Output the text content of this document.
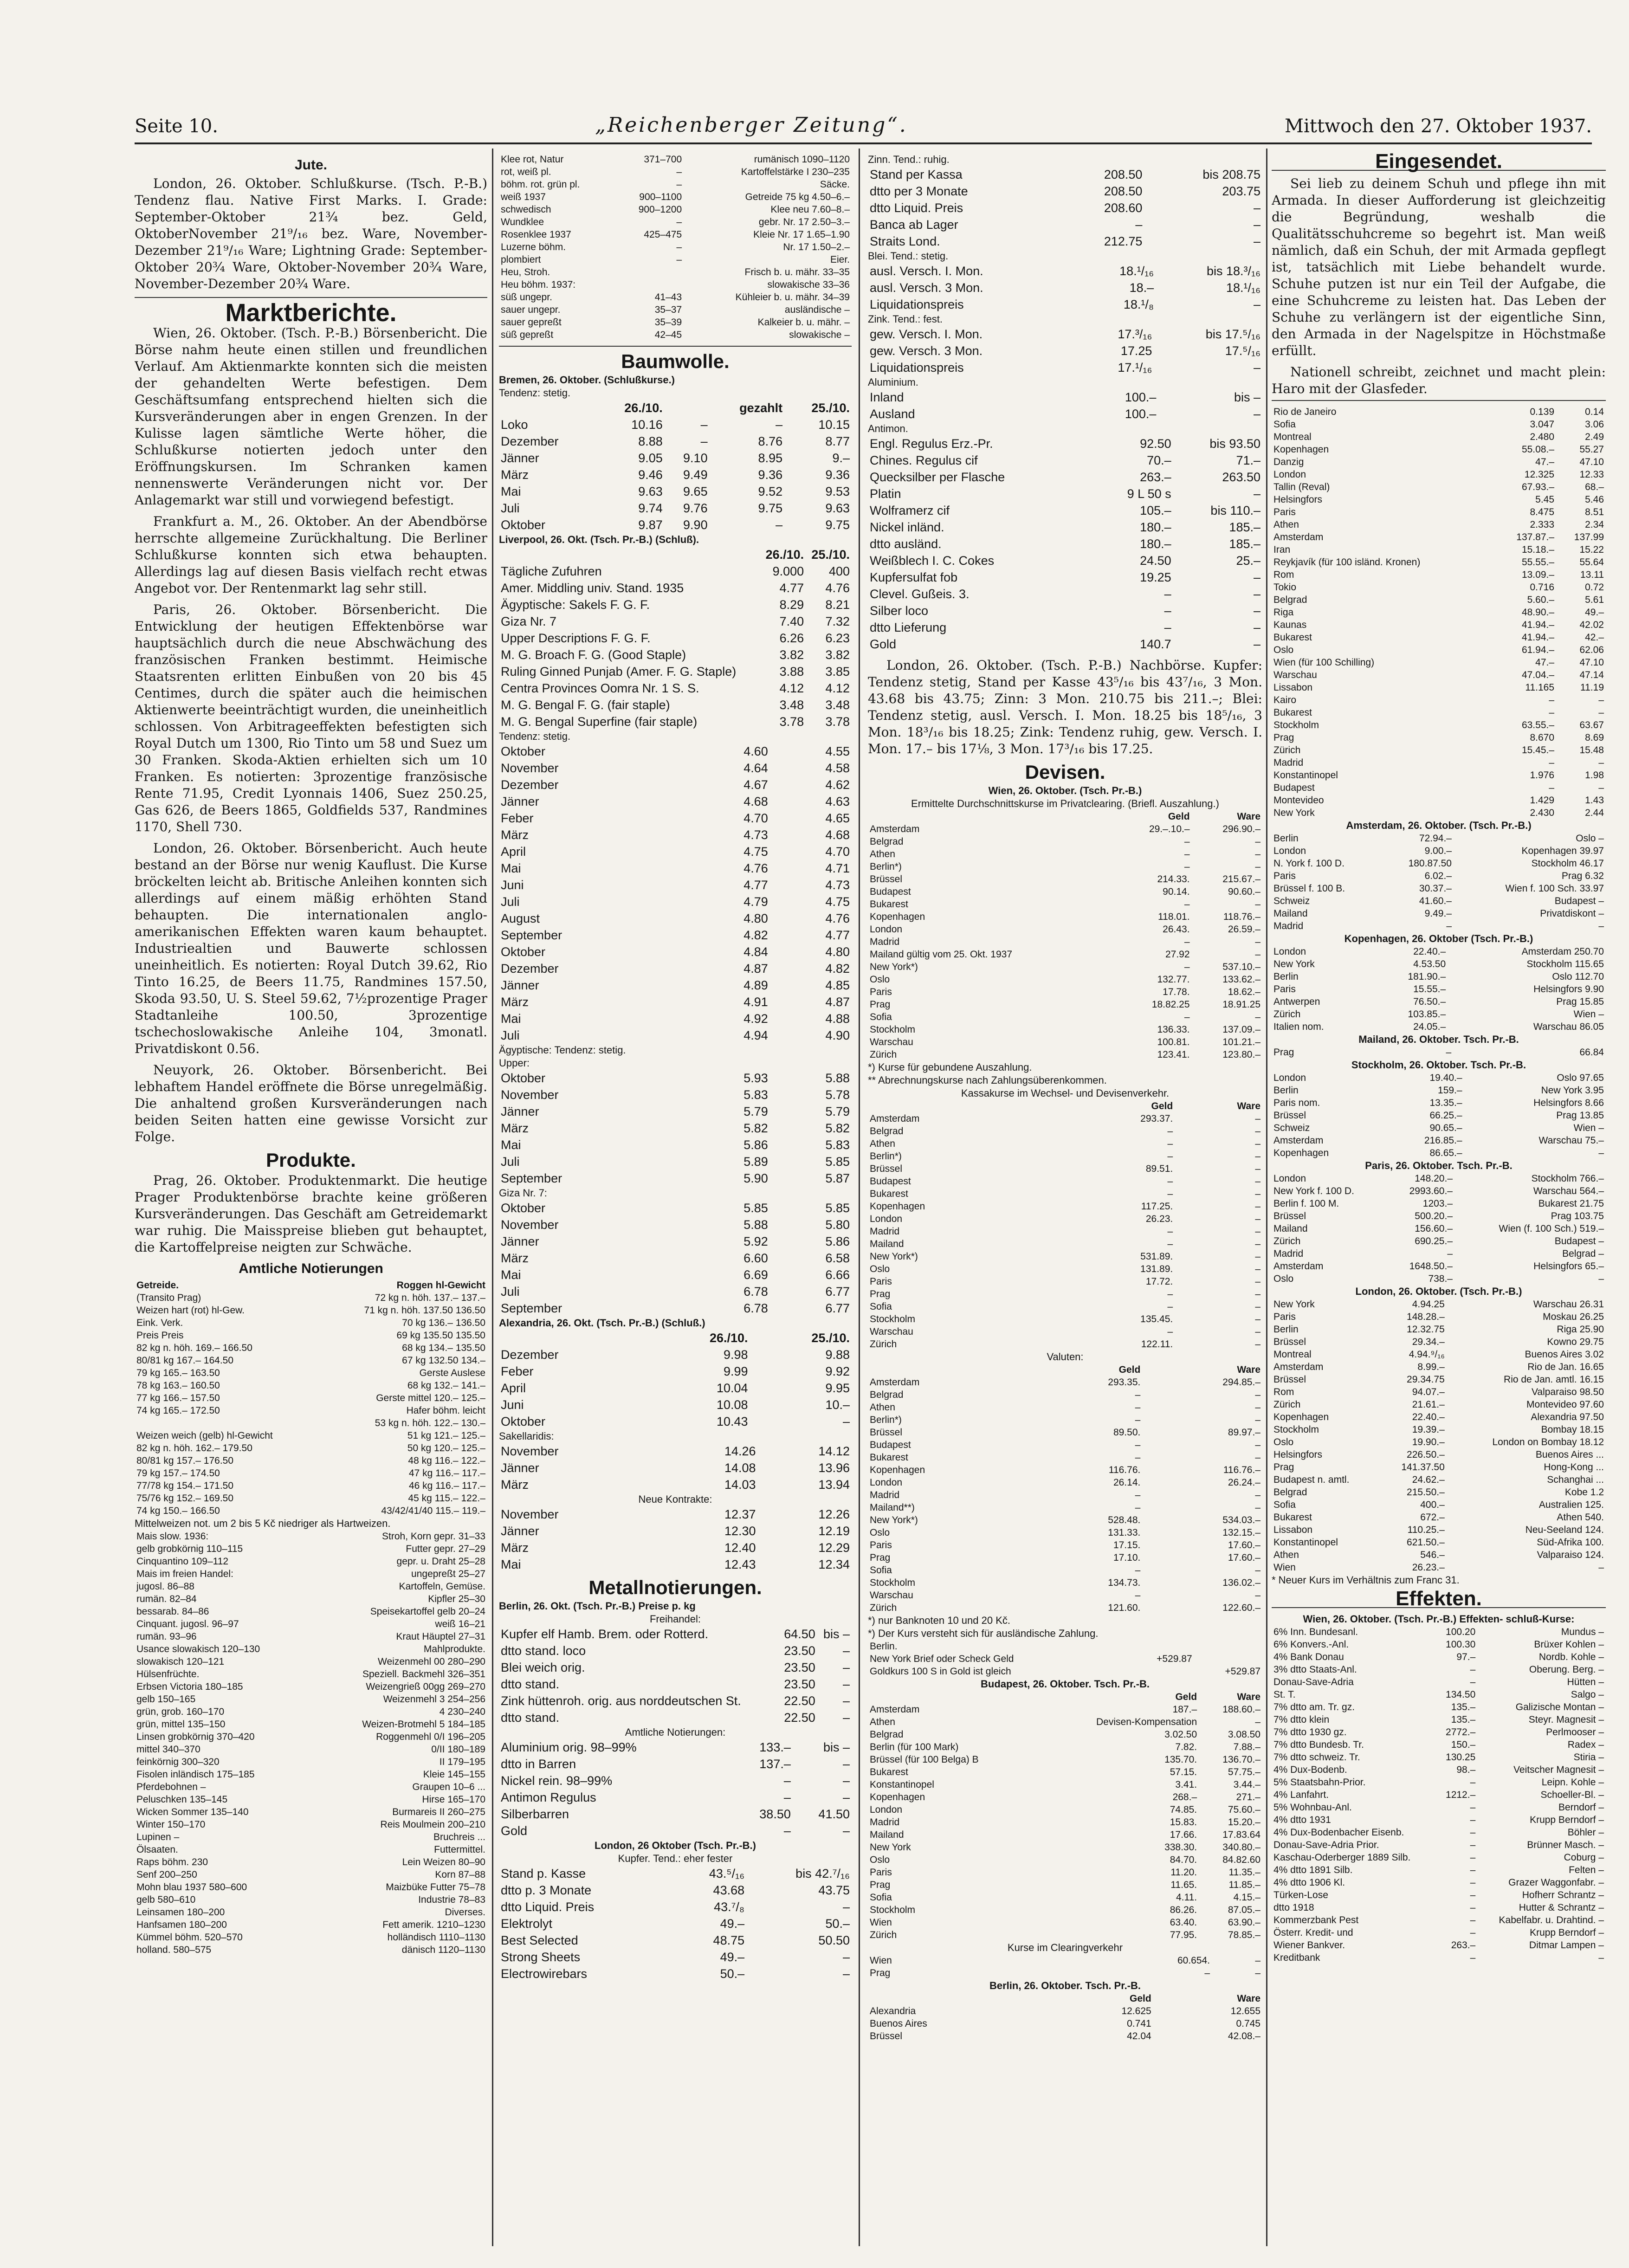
Seite 10.	„Reichenberger Zeitung“.	Mittwoch den 27. Oktober 1937.
Jute.

London, 26. Oktober. Schlußkurse. (Tsch. P.-B.) Tendenz flau. Native First Marks. I. Grade: September-Oktober 21¾ bez. Geld, OktoberNovember 21⁹/₁₆ bez. Ware, November-Dezember 21⁹/₁₆ Ware; Lightning Grade: September-Oktober 20¾ Ware, Oktober-November 20¾ Ware, November-Dezember 20¾ Ware.

Marktberichte.

Wien, 26. Oktober. (Tsch. P.-B.) Börsenbericht. Die Börse nahm heute einen stillen und freundlichen Verlauf. Am Aktienmarkte konnten sich die meisten der gehandelten Werte befestigen. Dem Geschäftsumfang entsprechend hielten sich die Kursveränderungen aber in engen Grenzen. In der Kulisse lagen sämtliche Werte höher, die Schlußkurse notierten jedoch unter den Eröffnungskursen. Im Schranken kamen nennenswerte Veränderungen nicht vor. Der Anlagemarkt war still und vorwiegend befestigt.

Frankfurt a. M., 26. Oktober. An der Abendbörse herrschte allgemeine Zurückhaltung. Die Berliner Schlußkurse konnten sich etwa behaupten. Allerdings lag auf diesen Basis vielfach recht etwas Angebot vor. Der Rentenmarkt lag sehr still.

Paris, 26. Oktober. Börsenbericht. Die Entwicklung der heutigen Effektenbörse war hauptsächlich durch die neue Abschwächung des französischen Franken bestimmt. Heimische Staatsrenten erlitten Einbußen von 20 bis 45 Centimes, durch die später auch die heimischen Aktienwerte beeinträchtigt wurden, die uneinheitlich schlossen. Von Arbitrageeffekten befestigten sich Royal Dutch um 1300, Rio Tinto um 58 und Suez um 30 Franken. Skoda-Aktien erhielten sich um 10 Franken. Es notierten: 3prozentige französische Rente 71.95, Credit Lyonnais 1406, Suez 250.25, Gas 626, de Beers 1865, Goldfields 537, Randmines 1170, Shell 730.

London, 26. Oktober. Börsenbericht. Auch heute bestand an der Börse nur wenig Kauflust. Die Kurse bröckelten leicht ab. Britische Anleihen konnten sich allerdings auf einem mäßig erhöhten Stand behaupten. Die internationalen anglo-amerikanischen Effekten waren kaum behauptet. Industriealtien und Bauwerte schlossen uneinheitlich. Es notierten: Royal Dutch 39.62, Rio Tinto 16.25, de Beers 11.75, Randmines 157.50, Skoda 93.50, U. S. Steel 59.62, 7½prozentige Prager Stadtanleihe 100.50, 3prozentige tschechoslowakische Anleihe 104, 3monatl. Privatdiskont 0.56.

Neuyork, 26. Oktober. Börsenbericht. Bei lebhaftem Handel eröffnete die Börse unregelmäßig. Die anhaltend großen Kursveränderungen nach beiden Seiten hatten eine gewisse Vorsicht zur Folge.

Produkte.

Prag, 26. Oktober. Produktenmarkt. Die heutige Prager Produktenbörse brachte keine größeren Kursveränderungen. Das Geschäft am Getreidemarkt war ruhig. Die Maisspreise blieben gut behauptet, die Kartoffelpreise neigten zur Schwäche.

Amtliche Notierungen
Getreide.	Roggen hl-Gewicht
(Transito Prag)	72 kg n. höh. 137.– 137.–
Weizen hart (rot) hl-Gew.	71 kg n. höh. 137.50 136.50
Eink. Verk.	70 kg 136.– 136.50
Preis Preis	69 kg 135.50 135.50
82 kg n. höh. 169.– 166.50	68 kg 134.– 135.50
80/81 kg 167.– 164.50	67 kg 132.50 134.–
79 kg 165.– 163.50	Gerste Auslese
78 kg 163.– 160.50	68 kg 132.– 141.–
77 kg 166.– 157.50	Gerste mittel 120.– 125.–
74 kg 165.– 172.50	Hafer böhm. leicht
	53 kg n. höh. 122.– 130.–
Weizen weich (gelb) hl-Gewicht	51 kg 121.– 125.–
82 kg n. höh. 162.– 179.50	50 kg 120.– 125.–
80/81 kg 157.– 176.50	48 kg 116.– 122.–
79 kg 157.– 174.50	47 kg 116.– 117.–
77/78 kg 154.– 171.50	46 kg 116.– 117.–
75/76 kg 152.– 169.50	45 kg 115.– 122.–
74 kg 150.– 166.50	43/42/41/40 115.– 119.–
Mittelweizen not. um 2 bis 5 Kč niedriger als Hartweizen.
Mais slow. 1936:	Stroh, Korn gepr. 31–33
gelb grobkörnig 110–115	Futter gepr. 27–29
Cinquantino 109–112	gepr. u. Draht 25–28
Mais im freien Handel:	ungepreßt 25–27
jugosl. 86–88	Kartoffeln, Gemüse.
rumän. 82–84	Kipfler 25–30
bessarab. 84–86	Speisekartoffel gelb 20–24
Cinquant. jugosl. 96–97	weiß 16–21
rumän. 93–96	Kraut Häuptel 27–31
Usance slowakisch 120–130	Mahlprodukte.
slowakisch 120–121	Weizenmehl 00 280–290
Hülsenfrüchte.	Speziell. Backmehl 326–351
Erbsen Victoria 180–185	Weizengrieß 00gg 269–270
gelb 150–165	Weizenmehl 3 254–256
grün, grob. 160–170	4 230–240
grün, mittel 135–150	Weizen-Brotmehl 5 184–185
Linsen grobkörnig 370–420	Roggenmehl 0/I 196–205
mittel 340–370	0/II 180–189
feinkörnig 300–320	II 179–195
Fisolen inländisch 175–185	Kleie 145–155
Pferdebohnen –	Graupen 10–6 ...
Peluschken 135–145	Hirse 165–170
Wicken Sommer 135–140	Burmareis II 260–275
Winter 150–170	Reis Moulmein 200–210
Lupinen –	Bruchreis ...
Ölsaaten.	Futtermittel.
Raps böhm. 230	Lein Weizen 80–90
Senf 200–250	Korn 87–88
Mohn blau 1937 580–600	Maizbüke Futter 75–78
gelb 580–610	Industrie 78–83
Leinsamen 180–200	Diverses.
Hanfsamen 180–200	Fett amerik. 1210–1230
Kümmel böhm. 520–570	holländisch 1110–1130
holland. 580–575	dänisch 1120–1130
Klee rot, Natur	371–700	rumänisch 1090–1120
rot, weiß pl.	–	Kartoffelstärke I 230–235
böhm. rot. grün pl.	–	Säcke.
weiß 1937	900–1100	Getreide 75 kg 4.50–6.–
schwedisch	900–1200	Klee neu 7.60–8.–
Wundklee	–	gebr. Nr. 17 2.50–3.–
Rosenklee 1937	425–475	Kleie Nr. 17 1.65–1.90
Luzerne böhm.	–	Nr. 17 1.50–2.–
plombiert	–	Eier.
Heu, Stroh.		Frisch b. u. mähr. 33–35
Heu böhm. 1937:		slowakische 33–36
süß ungepr.	41–43	Kühleier b. u. mähr. 34–39
sauer ungepr.	35–37	ausländische –
sauer gepreßt	35–39	Kalkeier b. u. mähr. –
süß gepreßt	42–45	slowakische –
Baumwolle.
Bremen, 26. Oktober. (Schlußkurse.)
Tendenz: stetig.
	26./10.		gezahlt	25./10.
Loko	10.16	–	–	10.15
Dezember	8.88	–	8.76	8.77
Jänner	9.05	9.10	8.95	9.–
März	9.46	9.49	9.36	9.36
Mai	9.63	9.65	9.52	9.53
Juli	9.74	9.76	9.75	9.63
Oktober	9.87	9.90	–	9.75
Liverpool, 26. Okt. (Tsch. Pr.-B.) (Schluß).
	26./10.	25./10.
Tägliche Zufuhren	9.000	400
Amer. Middling univ. Stand. 1935	4.77	4.76
Ägyptische: Sakels F. G. F.	8.29	8.21
Giza Nr. 7	7.40	7.32
Upper Descriptions F. G. F.	6.26	6.23
M. G. Broach F. G. (Good Staple)	3.82	3.82
Ruling Ginned Punjab (Amer. F. G. Staple)	3.88	3.85
Centra Provinces Oomra Nr. 1 S. S.	4.12	4.12
M. G. Bengal F. G. (fair staple)	3.48	3.48
M. G. Bengal Superfine (fair staple)	3.78	3.78
Tendenz: stetig.
Oktober	4.60	4.55
November	4.64	4.58
Dezember	4.67	4.62
Jänner	4.68	4.63
Feber	4.70	4.65
März	4.73	4.68
April	4.75	4.70
Mai	4.76	4.71
Juni	4.77	4.73
Juli	4.79	4.75
August	4.80	4.76
September	4.82	4.77
Oktober	4.84	4.80
Dezember	4.87	4.82
Jänner	4.89	4.85
März	4.91	4.87
Mai	4.92	4.88
Juli	4.94	4.90
Ägyptische: Tendenz: stetig.
Upper:
Oktober	5.93	5.88
November	5.83	5.78
Jänner	5.79	5.79
März	5.82	5.82
Mai	5.86	5.83
Juli	5.89	5.85
September	5.90	5.87
Giza Nr. 7:
Oktober	5.85	5.85
November	5.88	5.80
Jänner	5.92	5.86
März	6.60	6.58
Mai	6.69	6.66
Juli	6.78	6.77
September	6.78	6.77
Alexandria, 26. Okt. (Tsch. Pr.-B.) (Schluß.)
	26./10.	25./10.
Dezember	9.98	9.88
Feber	9.99	9.92
April	10.04	9.95
Juni	10.08	10.–
Oktober	10.43	–
Sakellaridis:
November	14.26	14.12
Jänner	14.08	13.96
März	14.03	13.94
Neue Kontrakte:
November	12.37	12.26
Jänner	12.30	12.19
März	12.40	12.29
Mai	12.43	12.34
Metallnotierungen.
Berlin, 26. Okt. (Tsch. Pr.-B.) Preise p. kg
Freihandel:
Kupfer elf Hamb. Brem. oder Rotterd.	64.50	bis –
dtto stand. loco	23.50	–
Blei weich orig.	23.50	–
dtto stand.	23.50	–
Zink hüttenroh. orig. aus norddeutschen St.	22.50	–
dtto stand.	22.50	–
Amtliche Notierungen:
Aluminium orig. 98–99%	133.–	bis –
dtto in Barren	137.–	–
Nickel rein. 98–99%	–	–
Antimon Regulus	–	–
Silberbarren	38.50	41.50
Gold	–	–
London, 26 Oktober (Tsch. Pr.-B.)
Kupfer. Tend.: eher fester
Stand p. Kasse	43.⁵/₁₆	bis 42.⁷/₁₆
dtto p. 3 Monate	43.68	43.75
dtto Liquid. Preis	43.⁷/₈	–
Elektrolyt	49.–	50.–
Best Selected	48.75	50.50
Strong Sheets	49.–	–
Electrowirebars	50.–	–
Zinn. Tend.: ruhig.
Stand per Kassa	208.50	bis 208.75
dtto per 3 Monate	208.50	203.75
dtto Liquid. Preis	208.60	–
Banca ab Lager	–	–
Straits Lond.	212.75	–
Blei. Tend.: stetig.
ausl. Versch. I. Mon.	18.¹/₁₆	bis 18.³/₁₆
ausl. Versch. 3 Mon.	18.–	18.¹/₁₆
Liquidationspreis	18.¹/₈	–
Zink. Tend.: fest.
gew. Versch. I. Mon.	17.³/₁₆	bis 17.⁵/₁₆
gew. Versch. 3 Mon.	17.25	17.⁵/₁₆
Liquidationspreis	17.¹/₁₆	–
Aluminium.
Inland	100.–	bis –
Ausland	100.–	–
Antimon.
Engl. Regulus Erz.-Pr.	92.50	bis 93.50
Chines. Regulus cif	70.–	71.–
Quecksilber per Flasche	263.–	263.50
Platin	9 L 50 s	–
Wolframerz cif	105.–	bis 110.–
Nickel inländ.	180.–	185.–
dtto ausländ.	180.–	185.–
Weißblech I. C. Cokes	24.50	25.–
Kupfersulfat fob	19.25	–
Clevel. Gußeis. 3.	–	–
Silber loco	–	–
dtto Lieferung	–	–
Gold	140.7	–

London, 26. Oktober. (Tsch. P.-B.) Nachbörse. Kupfer: Tendenz stetig, Stand per Kasse 43⁵/₁₆ bis 43⁷/₁₆, 3 Mon. 43.68 bis 43.75; Zinn: 3 Mon. 210.75 bis 211.–; Blei: Tendenz stetig, ausl. Versch. I. Mon. 18.25 bis 18⁵/₁₆, 3 Mon. 18³/₁₆ bis 18.25; Zink: Tendenz ruhig, gew. Versch. I. Mon. 17.– bis 17⅛, 3 Mon. 17³/₁₆ bis 17.25.

Devisen.
Wien, 26. Oktober. (Tsch. Pr.-B.)
Ermittelte Durchschnittskurse im Privatclearing. (Briefl. Auszahlung.)
	Geld	Ware
Amsterdam	29.–.10.–	296.90.–
Belgrad	–	–
Athen	–	–
Berlin*)	–	–
Brüssel	214.33.	215.67.–
Budapest	90.14.	90.60.–
Bukarest	–	–
Kopenhagen	118.01.	118.76.–
London	26.43.	26.59.–
Madrid	–	–
Mailand gültig vom 25. Okt. 1937	27.92	–
New York*)	–	537.10.–
Oslo	132.77.	133.62.–
Paris	17.78.	18.62.–
Prag	18.82.25	18.91.25
Sofia	–	–
Stockholm	136.33.	137.09.–
Warschau	100.81.	101.21.–
Zürich	123.41.	123.80.–
*) Kurse für gebundene Auszahlung.
** Abrechnungskurse nach Zahlungsüberenkommen.
Kassakurse im Wechsel- und Devisenverkehr.
	Geld	Ware
Amsterdam	293.37.	–
Belgrad	–	–
Athen	–	–
Berlin*)	–	–
Brüssel	89.51.	–
Budapest	–	–
Bukarest	–	–
Kopenhagen	117.25.	–
London	26.23.	–
Madrid	–	–
Mailand	–	–
New York*)	531.89.	–
Oslo	131.89.	–
Paris	17.72.	–
Prag	–	–
Sofia	–	–
Stockholm	135.45.	–
Warschau	–	–
Zürich	122.11.	–
Valuten:
	Geld	Ware
Amsterdam	293.35.	294.85.–
Belgrad	–	–
Athen	–	–
Berlin*)	–	–
Brüssel	89.50.	89.97.–
Budapest	–	–
Bukarest	–	–
Kopenhagen	116.76.	116.76.–
London	26.14.	26.24.–
Madrid	–	–
Mailand**)	–	–
New York*)	528.48.	534.03.–
Oslo	131.33.	132.15.–
Paris	17.15.	17.60.–
Prag	17.10.	17.60.–
Sofia	–	–
Stockholm	134.73.	136.02.–
Warschau	–	–
Zürich	121.60.	122.60.–
*) nur Banknoten 10 und 20 Kč.
*) Der Kurs versteht sich für ausländische Zahlung.
Berlin.		
New York Brief oder Scheck Geld	+529.87	
Goldkurs 100 S in Gold ist gleich		+529.87
Budapest, 26. Oktober. Tsch. Pr.-B.
	Geld	Ware
Amsterdam	187.–	188.60.–
Athen	Devisen-Kompensation	–
Belgrad	3.02.50	3.08.50
Berlin (für 100 Mark)	7.82.	7.88.–
Brüssel (für 100 Belga) B	135.70.	136.70.–
Bukarest	57.15.	57.75.–
Konstantinopel	3.41.	3.44.–
Kopenhagen	268.–	271.–
London	74.85.	75.60.–
Madrid	15.83.	15.20.–
Mailand	17.66.	17.83.64
New York	338.30.	340.80.–
Oslo	84.70.	84.82.60
Paris	11.20.	11.35.–
Prag	11.65.	11.85.–
Sofia	4.11.	4.15.–
Stockholm	86.26.	87.05.–
Wien	63.40.	63.90.–
Zürich	77.95.	78.85.–
Kurse im Clearingverkehr
Wien	60.654.	–
Prag	–	–
Berlin, 26. Oktober. Tsch. Pr.-B.
	Geld	Ware
Alexandria	12.625	12.655
Buenos Aires	0.741	0.745
Brüssel	42.04	42.08.–
Eingesendet.

Sei lieb zu deinem Schuh und pflege ihn mit Armada. In dieser Aufforderung ist gleichzeitig die Begründung, weshalb die Qualitätsschuhcreme so begehrt ist. Man weiß nämlich, daß ein Schuh, der mit Armada gepflegt ist, tatsächlich mit Liebe behandelt wurde. Schuhe putzen ist nur ein Teil der Aufgabe, die eine Schuhcreme zu leisten hat. Das Leben der Schuhe zu verlängern ist der eigentliche Sinn, den Armada in der Nagelspitze in Höchstmaße erfüllt.

Nationell schreibt, zeichnet und macht plein: Haro mit der Glasfeder.

Rio de Janeiro	0.139	0.14
Sofia	3.047	3.06
Montreal	2.480	2.49
Kopenhagen	55.08.–	55.27
Danzig	47.–	47.10
London	12.325	12.33
Tallin (Reval)	67.93.–	68.–
Helsingfors	5.45	5.46
Paris	8.475	8.51
Athen	2.333	2.34
Amsterdam	137.87.–	137.99
Iran	15.18.–	15.22
Reykjavík (für 100 isländ. Kronen)	55.55.–	55.64
Rom	13.09.–	13.11
Tokio	0.716	0.72
Belgrad	5.60.–	5.61
Riga	48.90.–	49.–
Kaunas	41.94.–	42.02
Bukarest	41.94.–	42.–
Oslo	61.94.–	62.06
Wien (für 100 Schilling)	47.–	47.10
Warschau	47.04.–	47.14
Lissabon	11.165	11.19
Kairo	–	–
Bukarest	–	–
Stockholm	63.55.–	63.67
Prag	8.670	8.69
Zürich	15.45.–	15.48
Madrid	–	–
Konstantinopel	1.976	1.98
Budapest	–	–
Montevideo	1.429	1.43
New York	2.430	2.44
Amsterdam, 26. Oktober. (Tsch. Pr.-B.)
Berlin	72.94.–	Oslo –
London	9.00.–	Kopenhagen 39.97
N. York f. 100 D.	180.87.50	Stockholm 46.17
Paris	6.02.–	Prag 6.32
Brüssel f. 100 B.	30.37.–	Wien f. 100 Sch. 33.97
Schweiz	41.60.–	Budapest –
Mailand	9.49.–	Privatdiskont –
Madrid	–	–
Kopenhagen, 26. Oktober (Tsch. Pr.-B.)
London	22.40.–	Amsterdam 250.70
New York	4.53.50	Stockholm 115.65
Berlin	181.90.–	Oslo 112.70
Paris	15.55.–	Helsingfors 9.90
Antwerpen	76.50.–	Prag 15.85
Zürich	103.85.–	Wien –
Italien nom.	24.05.–	Warschau 86.05
Mailand, 26. Oktober. Tsch. Pr.-B.
Prag	–	66.84
Stockholm, 26. Oktober. Tsch. Pr.-B.
London	19.40.–	Oslo 97.65
Berlin	159.–	New York 3.95
Paris nom.	13.35.–	Helsingfors 8.66
Brüssel	66.25.–	Prag 13.85
Schweiz	90.65.–	Wien –
Amsterdam	216.85.–	Warschau 75.–
Kopenhagen	86.65.–	–
Paris, 26. Oktober. Tsch. Pr.-B.
London	148.20.–	Stockholm 766.–
New York f. 100 D.	2993.60.–	Warschau 564.–
Berlin f. 100 M.	1203.–	Bukarest 21.75
Brüssel	500.20.–	Prag 103.75
Mailand	156.60.–	Wien (f. 100 Sch.) 519.–
Zürich	690.25.–	Budapest –
Madrid	–	Belgrad –
Amsterdam	1648.50.–	Helsingfors 65.–
Oslo	738.–	–
London, 26. Oktober. (Tsch. Pr.-B.)
New York	4.94.25	Warschau 26.31
Paris	148.28.–	Moskau 26.25
Berlin	12.32.75	Riga 25.90
Brüssel	29.34.–	Kowno 29.75
Montreal	4.94.⁹/₁₆	Buenos Aires 3.02
Amsterdam	8.99.–	Rio de Jan. 16.65
Brüssel	29.34.75	Rio de Jan. amtl. 16.15
Rom	94.07.–	Valparaiso 98.50
Zürich	21.61.–	Montevideo 97.60
Kopenhagen	22.40.–	Alexandria 97.50
Stockholm	19.39.–	Bombay 18.15
Oslo	19.90.–	London on Bombay 18.12
Helsingfors	226.50.–	Buenos Aires ...
Prag	141.37.50	Hong-Kong ...
Budapest n. amtl.	24.62.–	Schanghai ...
Belgrad	215.50.–	Kobe 1.2
Sofia	400.–	Australien 125.
Bukarest	672.–	Athen 540.
Lissabon	110.25.–	Neu-Seeland 124.
Konstantinopel	621.50.–	Süd-Afrika 100.
Athen	546.–	Valparaiso 124.
Wien	26.23.–	–
* Neuer Kurs im Verhältnis zum Franc 31.
Effekten.
Wien, 26. Oktober. (Tsch. Pr.-B.) Effekten- schluß-Kurse:
6% Inn. Bundesanl.	100.20	Mundus –
6% Konvers.-Anl.	100.30	Brüxer Kohlen –
4% Bank Donau	97.–	Nordb. Kohle –
3% dtto Staats-Anl.	–	Oberung. Berg. –
Donau-Save-Adria	–	Hütten –
St. T.	134.50	Salgo –
7% dtto am. Tr. gz.	135.–	Galizische Montan –
7% dtto klein	135.–	Steyr. Magnesit –
7% dtto 1930 gz.	2772.–	Perlmooser –
7% dtto Bundesb. Tr.	150.–	Radex –
7% dtto schweiz. Tr.	130.25	Stiria –
4% Dux-Bodenb.	98.–	Veitscher Magnesit –
5% Staatsbahn-Prior.	–	Leipn. Kohle –
4% Lanfahrt.	1212.–	Schoeller-Bl. –
5% Wohnbau-Anl.	–	Berndorf –
4% dtto 1931	–	Krupp Berndorf –
4% Dux-Bodenbacher Eisenb.	–	Böhler –
Donau-Save-Adria Prior.	–	Brünner Masch. –
Kaschau-Oderberger 1889 Silb.	–	Coburg –
4% dtto 1891 Silb.	–	Felten –
4% dtto 1906 Kl.	–	Grazer Waggonfabr. –
Türken-Lose	–	Hofherr Schrantz –
dtto 1918	–	Hutter & Schrantz –
Kommerzbank Pest	–	Kabelfabr. u. Drahtind. –
Österr. Kredit- und	–	Krupp Berndorf –
Wiener Bankver.	263.–	Ditmar Lampen –
Kreditbank	–	–
